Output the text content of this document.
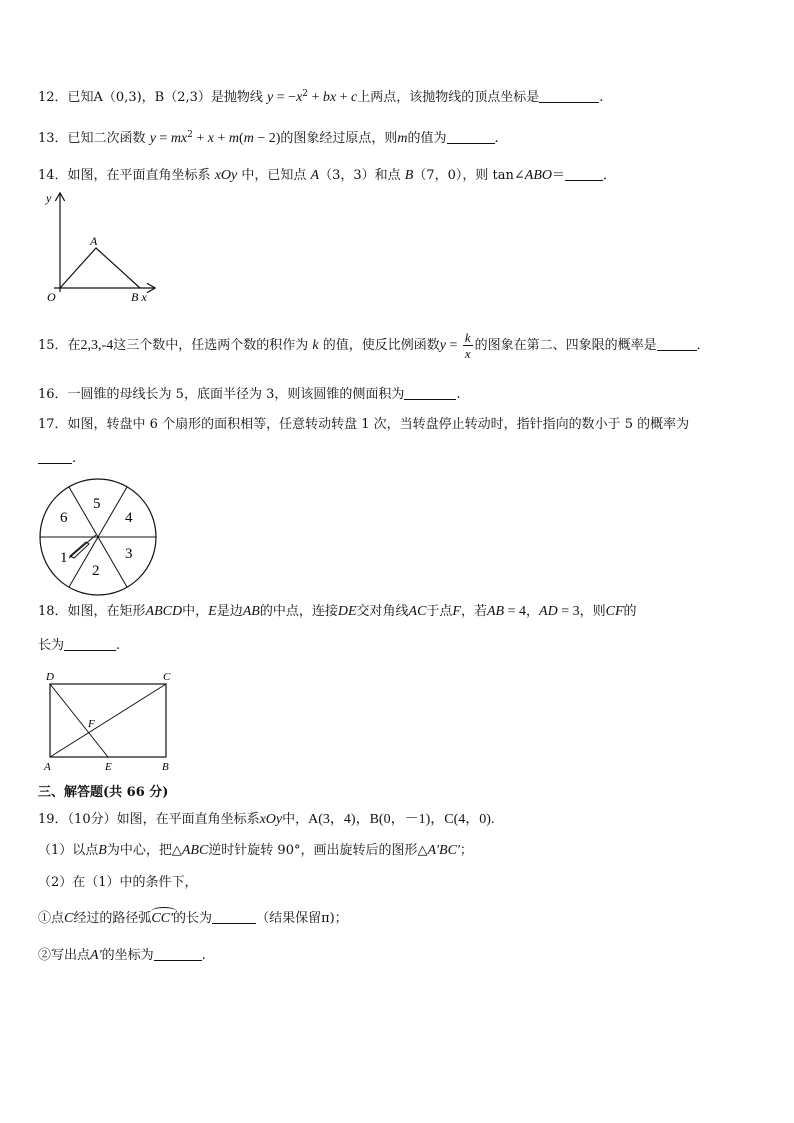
12．已知A（0,3)，B（2,3）是抛物线 $y = -x^2$ + bx + c上两点，该抛物线的顶点坐标是	.
13．已知二次函数 $y = mx^2 + x + m(m - 2)$的图象经过原点，则m的值为	.
14．如图，在平面直角坐标系 xOy 中，已知点 A（3，3）和点 B（7，0），则 tan∠ABO＝	．
y
A
O	B x
15．在2,3,-4这三个数中，任选两个数的积作为 k 的值，使反比例函数$y = \frac{k}{x}$ 的图象在第二、四象限的概率是	．
16．一圆锥的母线长为 5，底面半径为 3，则该圆锥的侧面积为	.
17．如图，转盘中 6 个扇形的面积相等，任意转动转盘 1 次，当转盘停止转动时，指针指向的数小于 5 的概率为
.
5
4
3
2
1
6
18．如图，在矩形ABCD中，E是边AB的中点，连接DE交对角线AC于点F，若AB = 4，AD = 3，则CF的
长为	.
D	C
F
A	E	B
三、解答题(共 66 分)
19．（10分）如图，在平面直角坐标系xOy中，A(3，4)，B(0，－1)，C(4，0).
（1）以点B为中心，把△ABC逆时针旋转 90°，画出旋转后的图形△A'BC'；
（2）在（1）中的条件下，
①点C经过的路径弧
CC'的长为	（结果保留π)；
②写出点A'的坐标为	.
